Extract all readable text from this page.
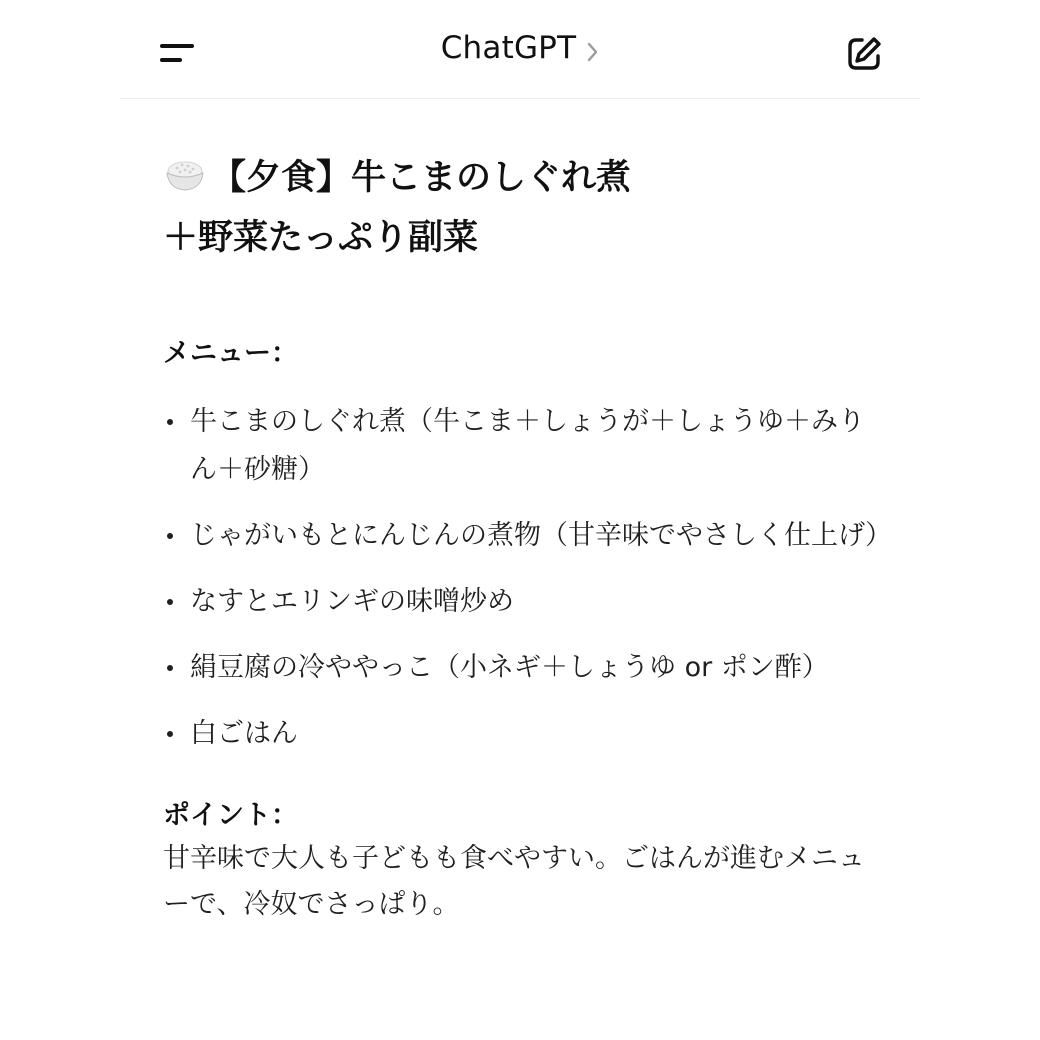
ChatGPT
【夕食】牛こまのしぐれ煮
＋野菜たっぷり副菜
メニュー：
牛こまのしぐれ煮（牛こま＋しょうが＋しょうゆ＋みりん＋砂糖）
じゃがいもとにんじんの煮物（甘辛味でやさしく仕上げ）
なすとエリンギの味噌炒め
絹豆腐の冷ややっこ（小ネギ＋しょうゆ or ポン酢）
白ごはん
ポイント：
甘辛味で大人も子どもも食べやすい。ごはんが進むメニューで、冷奴でさっぱり。
